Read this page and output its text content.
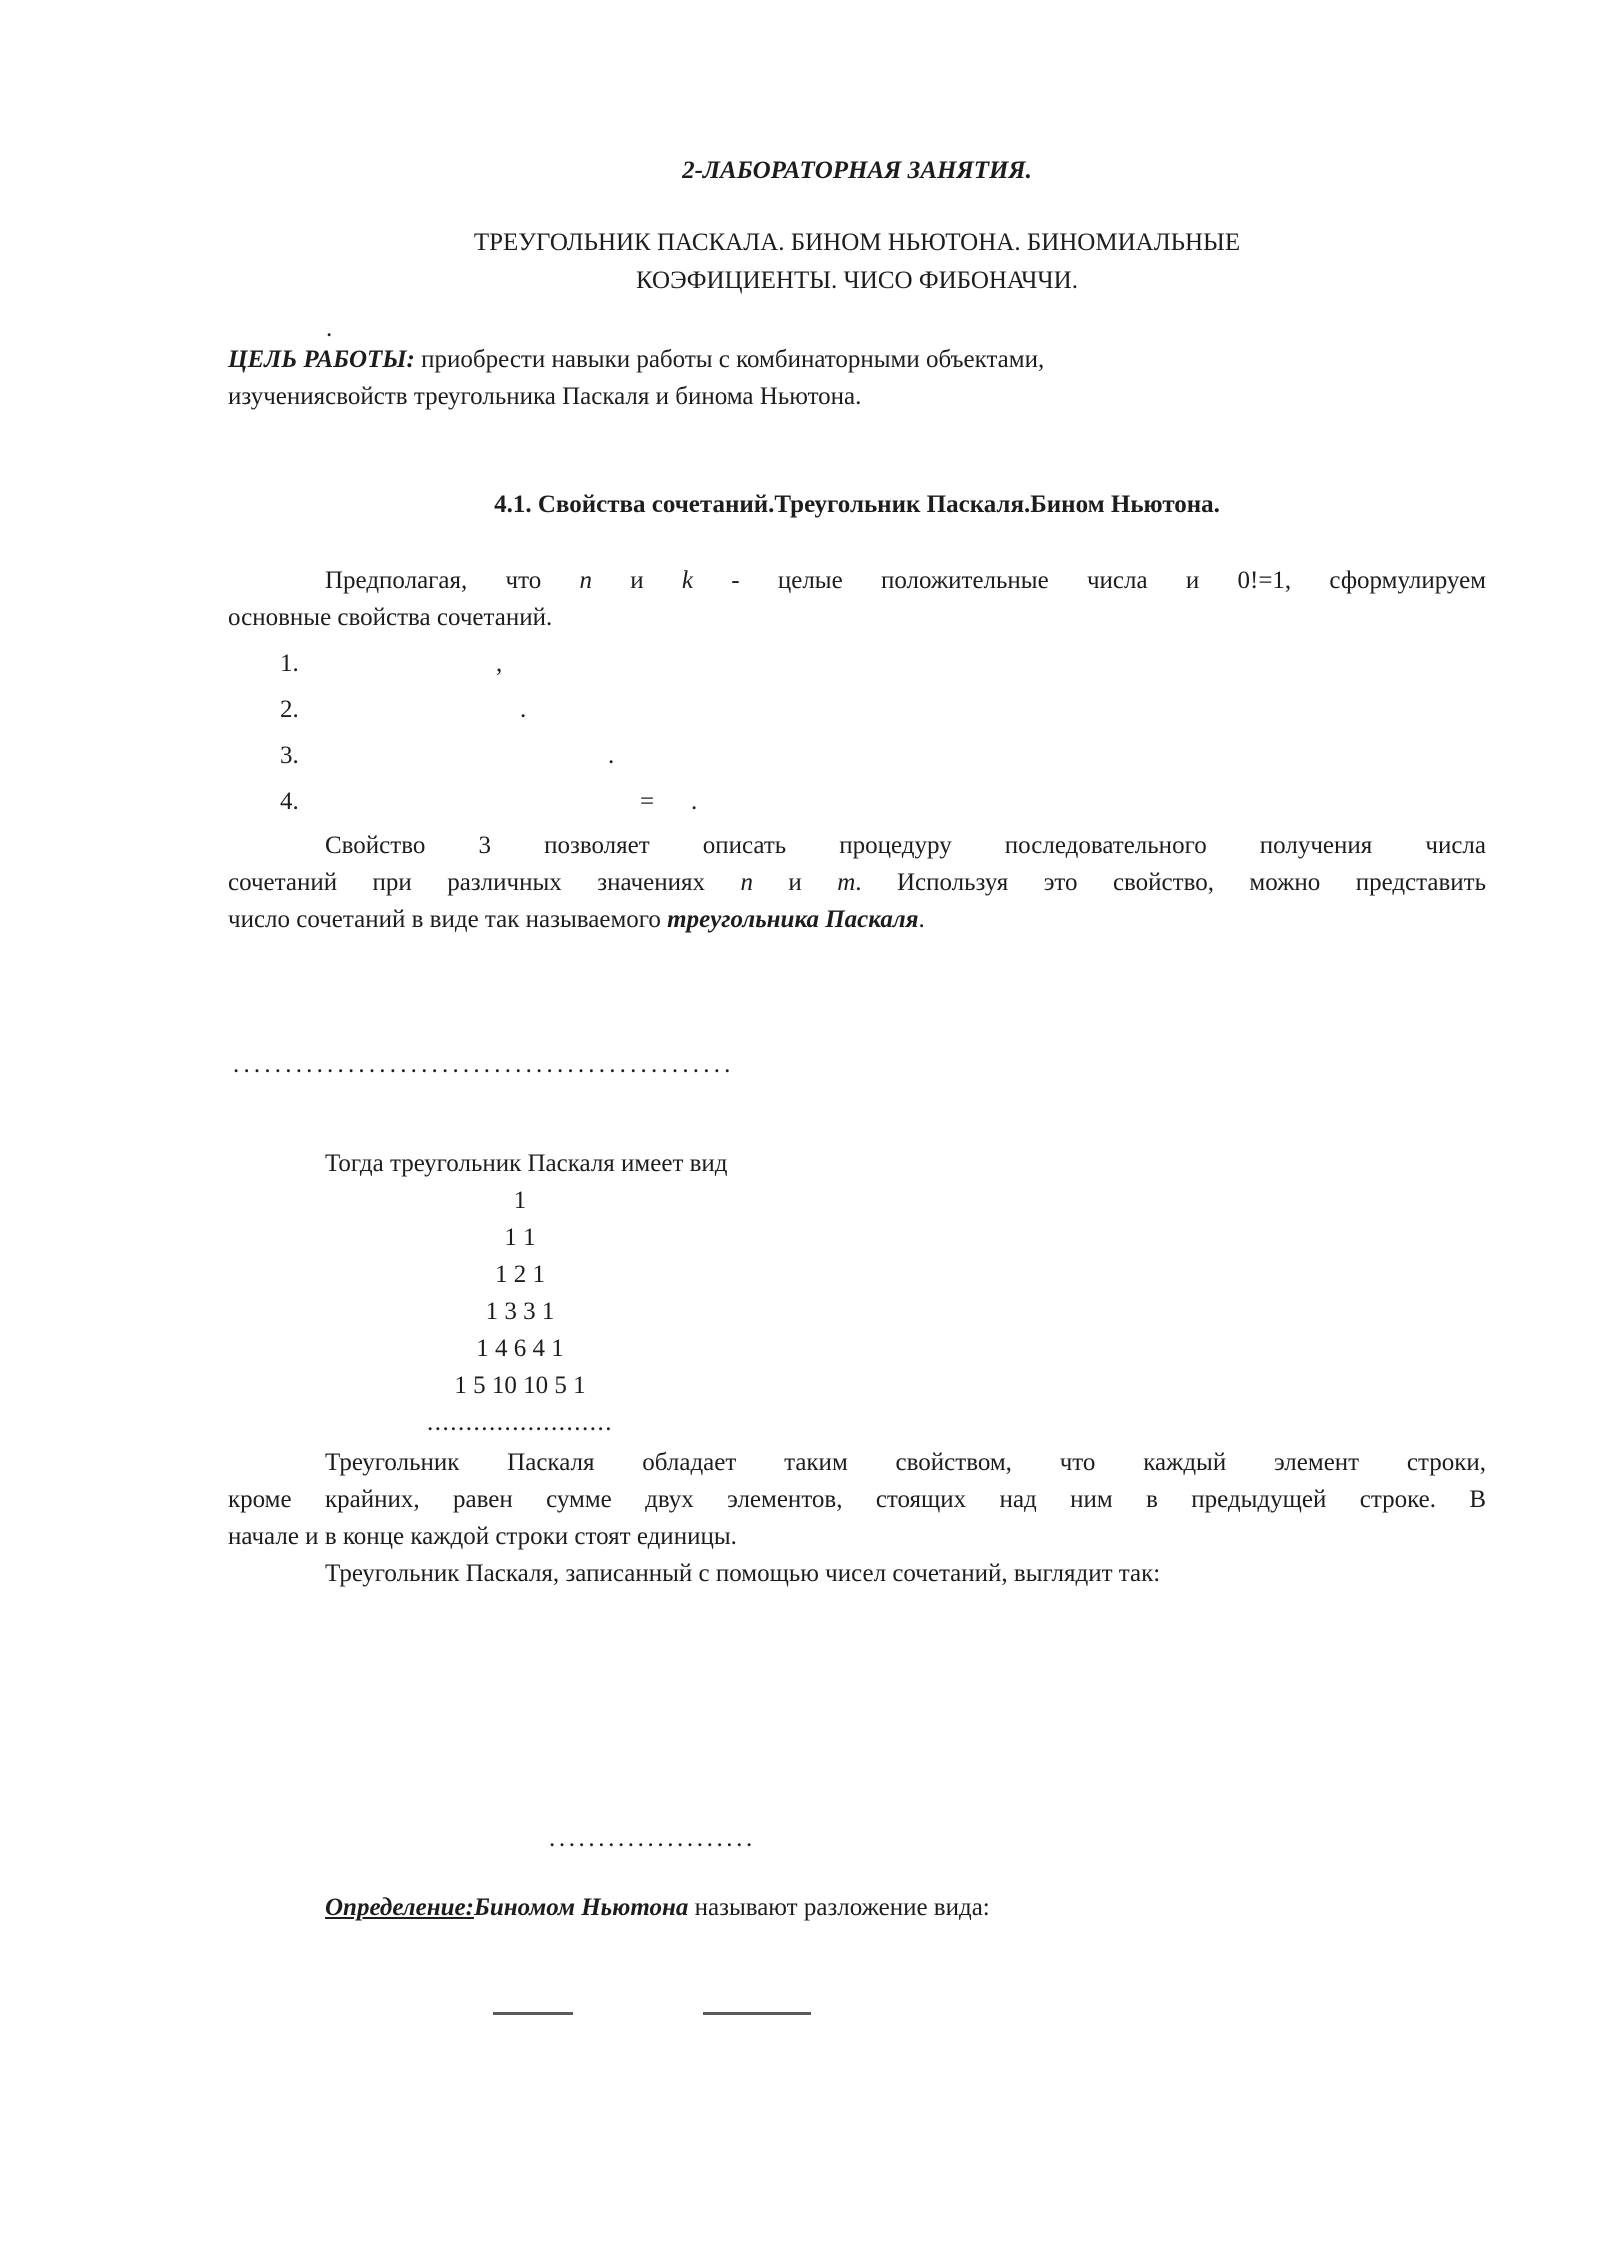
2-ЛАБОРАТОРНАЯ ЗАНЯТИЯ.
ТРЕУГОЛЬНИК ПАСКАЛА. БИНОМ НЬЮТОНА. БИНОМИАЛЬНЫЕ
КОЭФИЦИЕНТЫ. ЧИСО ФИБОНАЧЧИ.
.
ЦЕЛЬ РАБОТЫ: приобрести навыки работы с комбинаторными объектами,
изучениясвойств треугольника Паскаля и бинома Ньютона.
4.1. Свойства сочетаний.Треугольник Паскаля.Бином Ньютона.
Предполагая, что n и k - целые положительные числа и 0!=1, сформулируем
основные свойства сочетаний.
1.	,
2.	.
3.	.
4.	= .
Свойство 3 позволяет описать процедуру последовательного получения числа
сочетаний при различных значениях n и m. Используя это свойство, можно представить
число сочетаний в виде так называемого треугольника Паскаля.
................................................
Тогда треугольник Паскаля имеет вид
1
1 1
1 2 1
1 3 3 1
1 4 6 4 1
1 5 10 10 5 1
........................
Треугольник Паскаля обладает таким свойством, что каждый элемент строки,
кроме крайних, равен сумме двух элементов, стоящих над ним в предыдущей строке. В
начале и в конце каждой строки стоят единицы.
Треугольник Паскаля, записанный с помощью чисел сочетаний, выглядит так:
.....................
Определение:Биномом Ньютона называют разложение вида:
